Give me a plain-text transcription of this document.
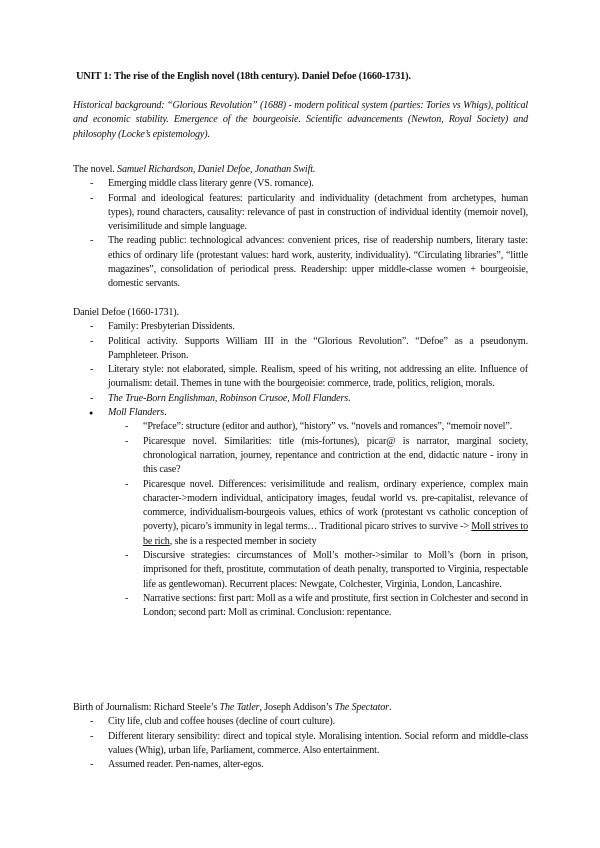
UNIT 1: The rise of the English novel (18th century). Daniel Defoe (1660-1731).

Historical background: “Glorious Revolution” (1688) - modern political system (parties: Tories vs Whigs), political and economic stability. Emergence of the bourgeoisie. Scientific advancements (Newton, Royal Society) and philosophy (Locke’s epistemology).

The novel. Samuel Richardson, Daniel Defoe, Jonathan Swift.

- Emerging middle class literary genre (VS. romance).
- Formal and ideological features: particularity and individuality (detachment from archetypes, human types), round characters, causality: relevance of past in construction of individual identity (memoir novel), verisimilitude and simple language.
- The reading public: technological advances: convenient prices, rise of readership numbers, literary taste: ethics of ordinary life (protestant values: hard work, austerity, individuality). “Circulating libraries”, “little magazines”, consolidation of periodical press. Readership: upper middle-classe women + bourgeoisie, domestic servants.

Daniel Defoe (1660-1731).

- Family: Presbyterian Dissidents.
- Political activity. Supports William III in the “Glorious Revolution”. “Defoe” as a pseudonym. Pamphleteer. Prison.
- Literary style: not elaborated, simple. Realism, speed of his writing, not addressing an elite. Influence of journalism: detail. Themes in tune with the bourgeoisie: commerce, trade, politics, religion, morals.
- The True-Born Englishman, Robinson Crusoe, Moll Flanders.
● Moll Flanders.
- “Preface”: structure (editor and author), “history” vs. “novels and romances”, “memoir novel”.
- Picaresque novel. Similarities: title (mis-fortunes), picar@ is narrator, marginal society, chronological narration, journey, repentance and contriction at the end, didactic nature - irony in this case?
- Picaresque novel. Differences: verisimilitude and realism, ordinary experience, complex main character->modern individual, anticipatory images, feudal world vs. pre-capitalist, relevance of commerce, individualism-bourgeois values, ethics of work (protestant vs catholic conception of poverty), picaro’s immunity in legal terms… Traditional picaro strives to survive -> Moll strives to be rich, she is a respected member in society
- Discursive strategies: circumstances of Moll’s mother->similar to Moll’s (born in prison, imprisoned for theft, prostitute, commutation of death penalty, transported to Virginia, respectable life as gentlewoman). Recurrent places: Newgate, Colchester, Virginia, London, Lancashire.
- Narrative sections: first part: Moll as a wife and prostitute, first section in Colchester and second in London; second part: Moll as criminal. Conclusion: repentance.

Birth of Journalism: Richard Steele’s The Tatler, Joseph Addison’s The Spectator.

- City life, club and coffee houses (decline of court culture).
- Different literary sensibility: direct and topical style. Moralising intention. Social reform and middle-class values (Whig), urban life, Parliament, commerce. Also entertainment.
- Assumed reader. Pen-names, alter-egos.
